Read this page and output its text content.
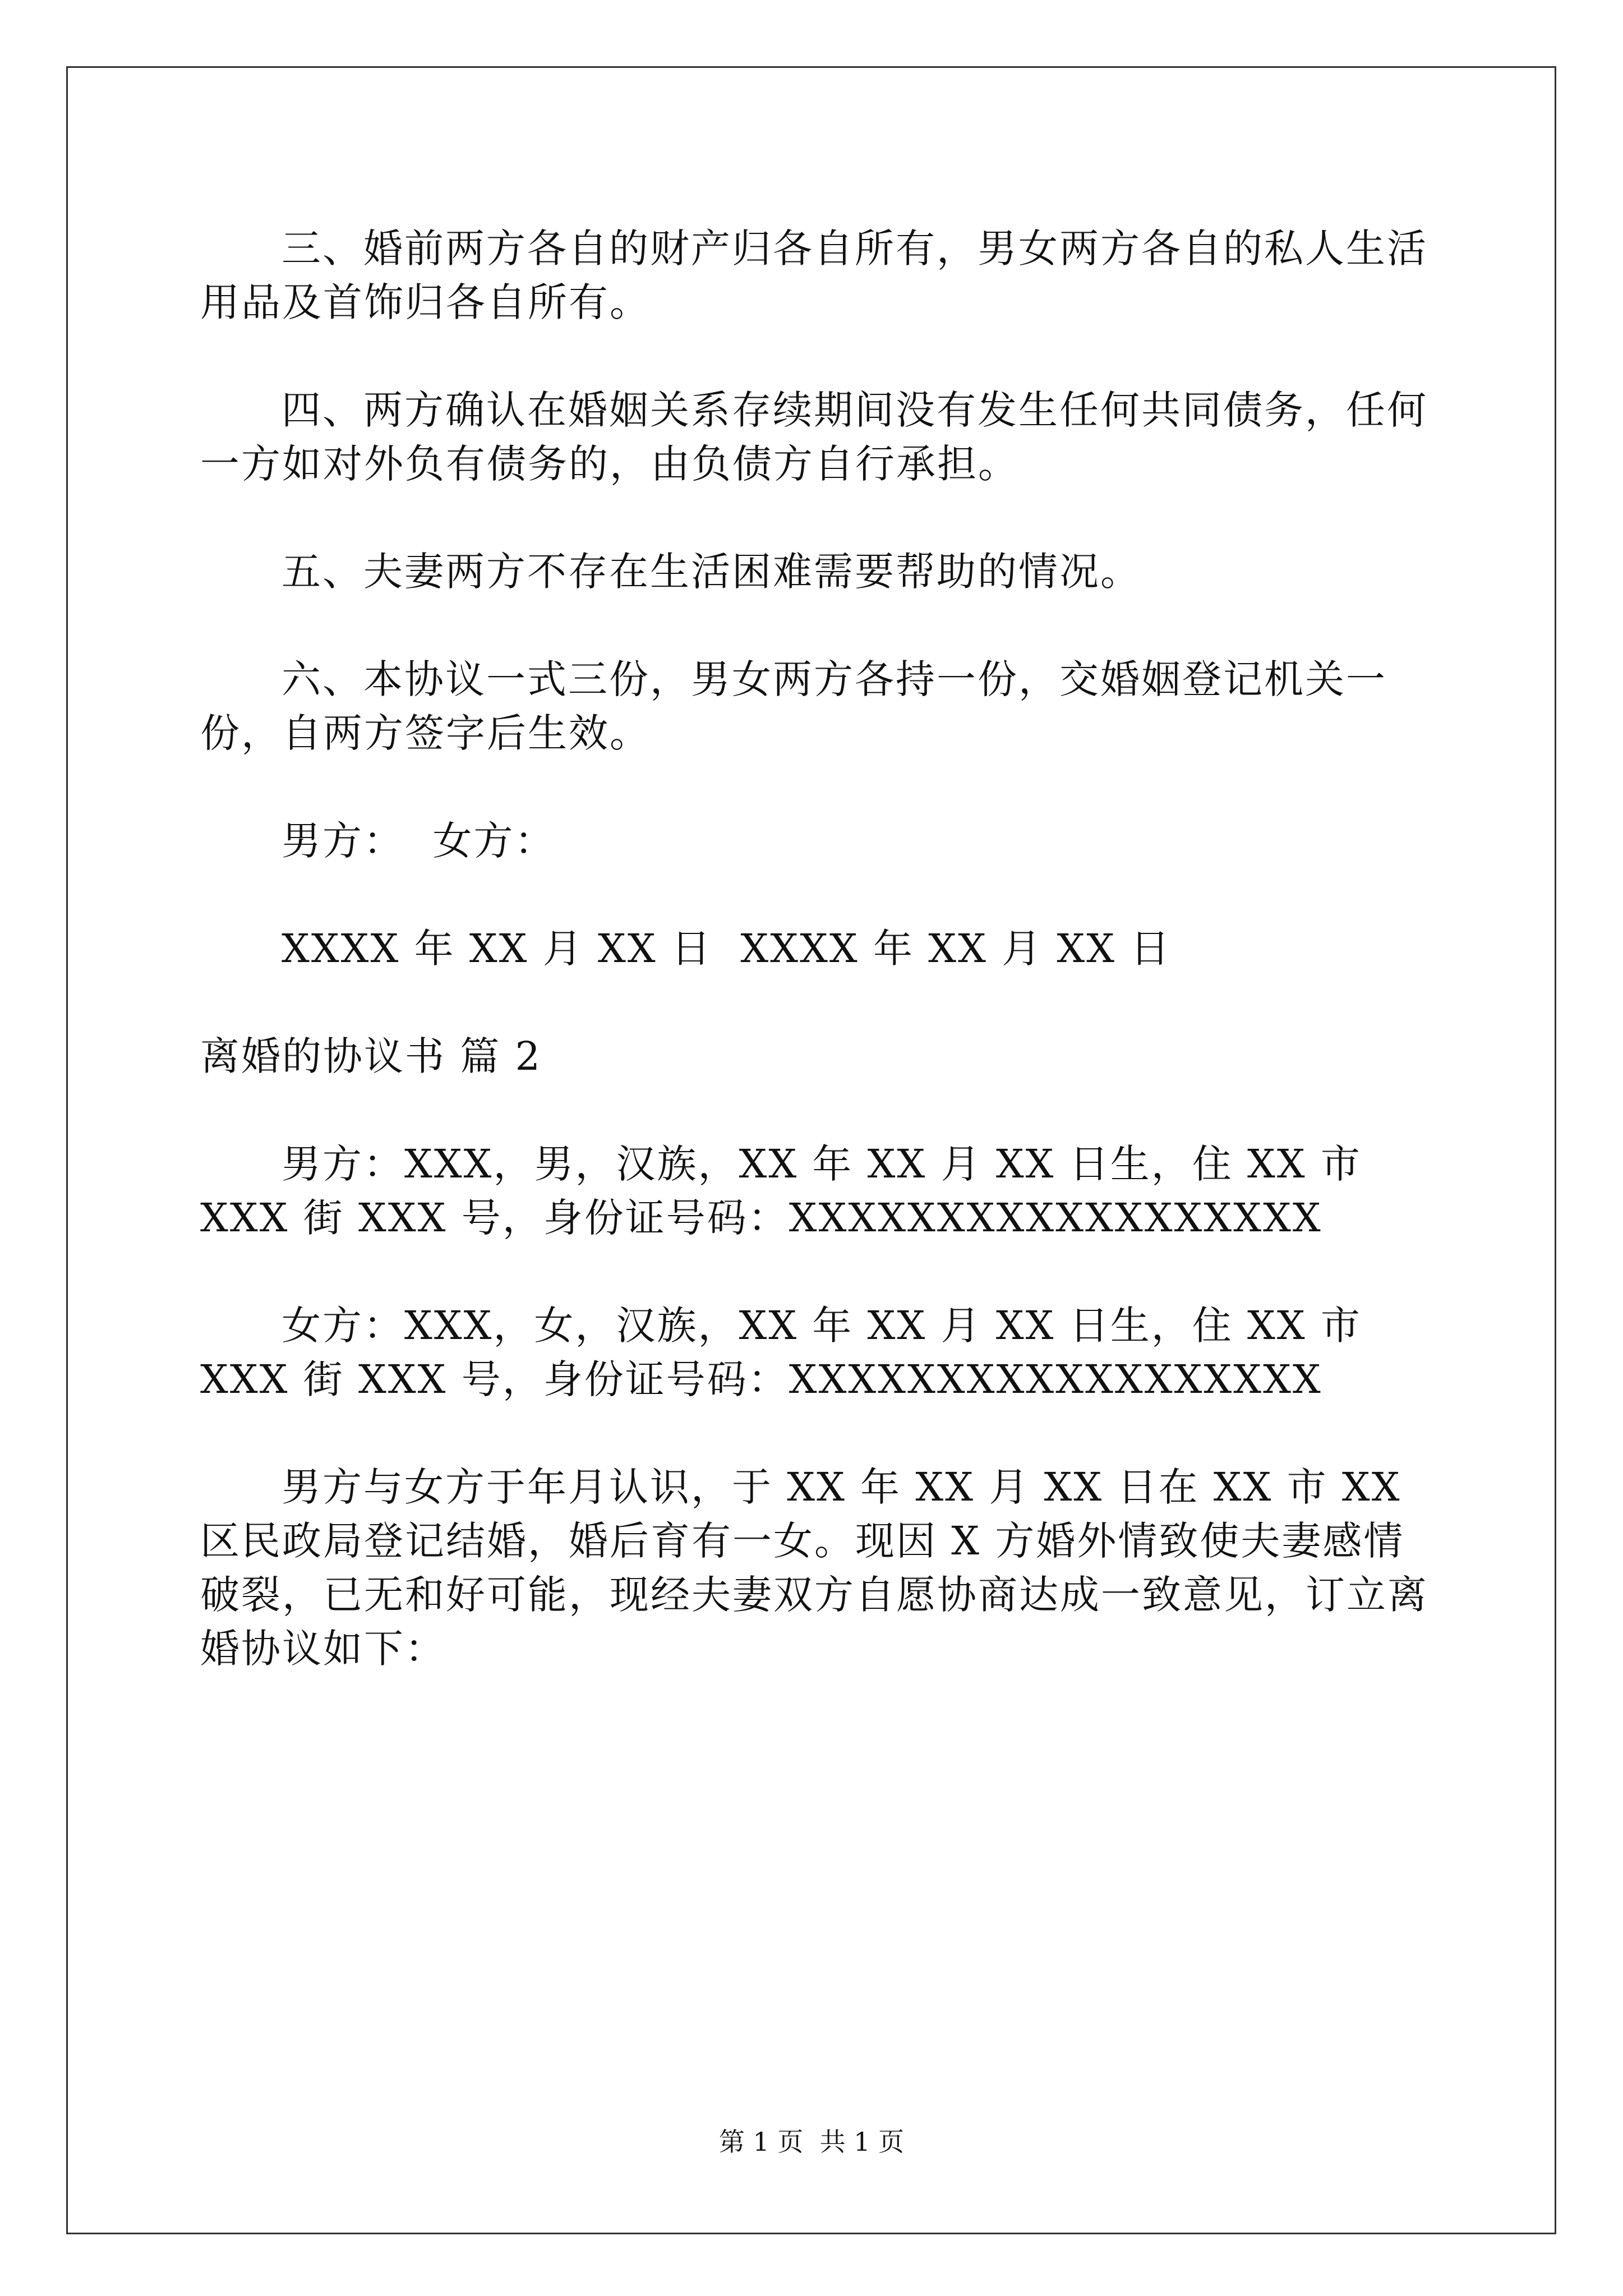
三、婚前两方各自的财产归各自所有，男女两方各自的私人生活用品及首饰归各自所有。

四、两方确认在婚姻关系存续期间没有发生任何共同债务，任何一方如对外负有债务的，由负债方自行承担。

五、夫妻两方不存在生活困难需要帮助的情况。

六、本协议一式三份，男女两方各持一份，交婚姻登记机关一份，自两方签字后生效。

男方：  女方：

XXXX 年 XX 月 XX 日  XXXX 年 XX 月 XX 日

离婚的协议书 篇 2

男方：XXX，男，汉族，XX 年 XX 月 XX 日生，住 XX 市 XXX 街 XXX 号，身份证号码：XXXXXXXXXXXXXXXXXX

女方：XXX，女，汉族，XX 年 XX 月 XX 日生，住 XX 市 XXX 街 XXX 号，身份证号码：XXXXXXXXXXXXXXXXXX

男方与女方于年月认识，于 XX 年 XX 月 XX 日在 XX 市 XX 区民政局登记结婚，婚后育有一女。现因 X 方婚外情致使夫妻感情破裂，已无和好可能，现经夫妻双方自愿协商达成一致意见，订立离婚协议如下：

第 1 页  共 1 页
